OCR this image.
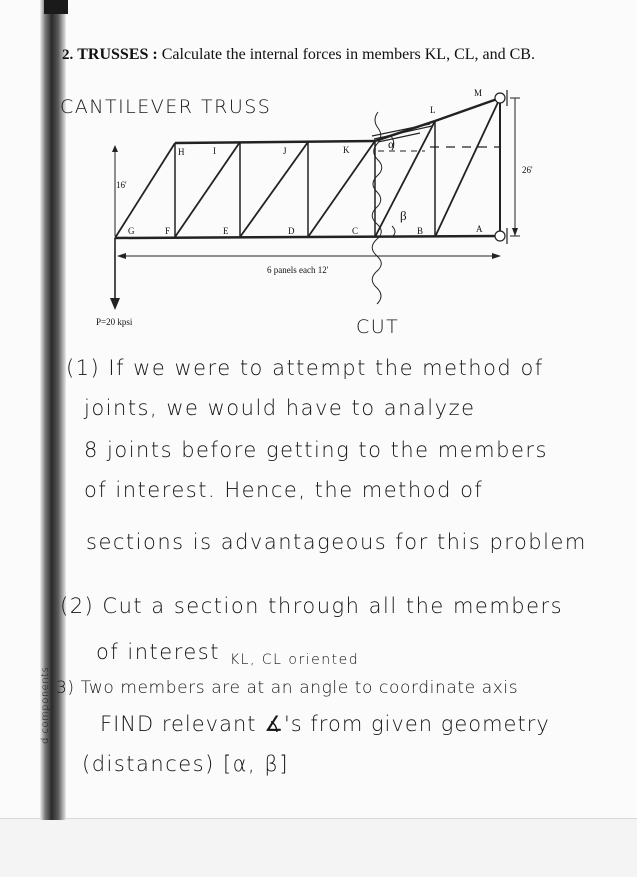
2. TRUSSES : Calculate the internal forces in members KL, CL, and CB.
CANTILEVER TRUSS
G	F	E	D	C	B	A
H	I	J	K
L
M
16'
26'
6 panels each 12'
P=20 kpsi
α
β
CUT
(1) If we were to attempt the method of
joints, we would have to analyze
8 joints before getting to the members
of interest. Hence, the method of
sections is advantageous for this problem
(2) Cut a section through all the members
of interest KL, CL oriented
3) Two members are at an angle to coordinate axis
FIND relevant ∡'s from given geometry
(distances) [α, β]
d components
